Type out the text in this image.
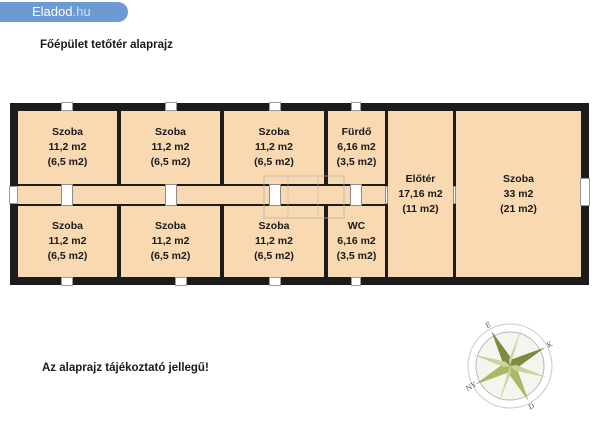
Eladod.hu
Főépület tetőtér alaprajz
Szoba
11,2 m2
(6,5 m2)
Szoba
11,2 m2
(6,5 m2)
Szoba
11,2 m2
(6,5 m2)
Fürdő
6,16 m2
(3,5 m2)
Szoba
11,2 m2
(6,5 m2)
Szoba
11,2 m2
(6,5 m2)
Szoba
11,2 m2
(6,5 m2)
WC
6,16 m2
(3,5 m2)
Előtér
17,16 m2
(11 m2)
Szoba
33 m2
(21 m2)
É
K
D
NY
Az alaprajz tájékoztató jellegű!
